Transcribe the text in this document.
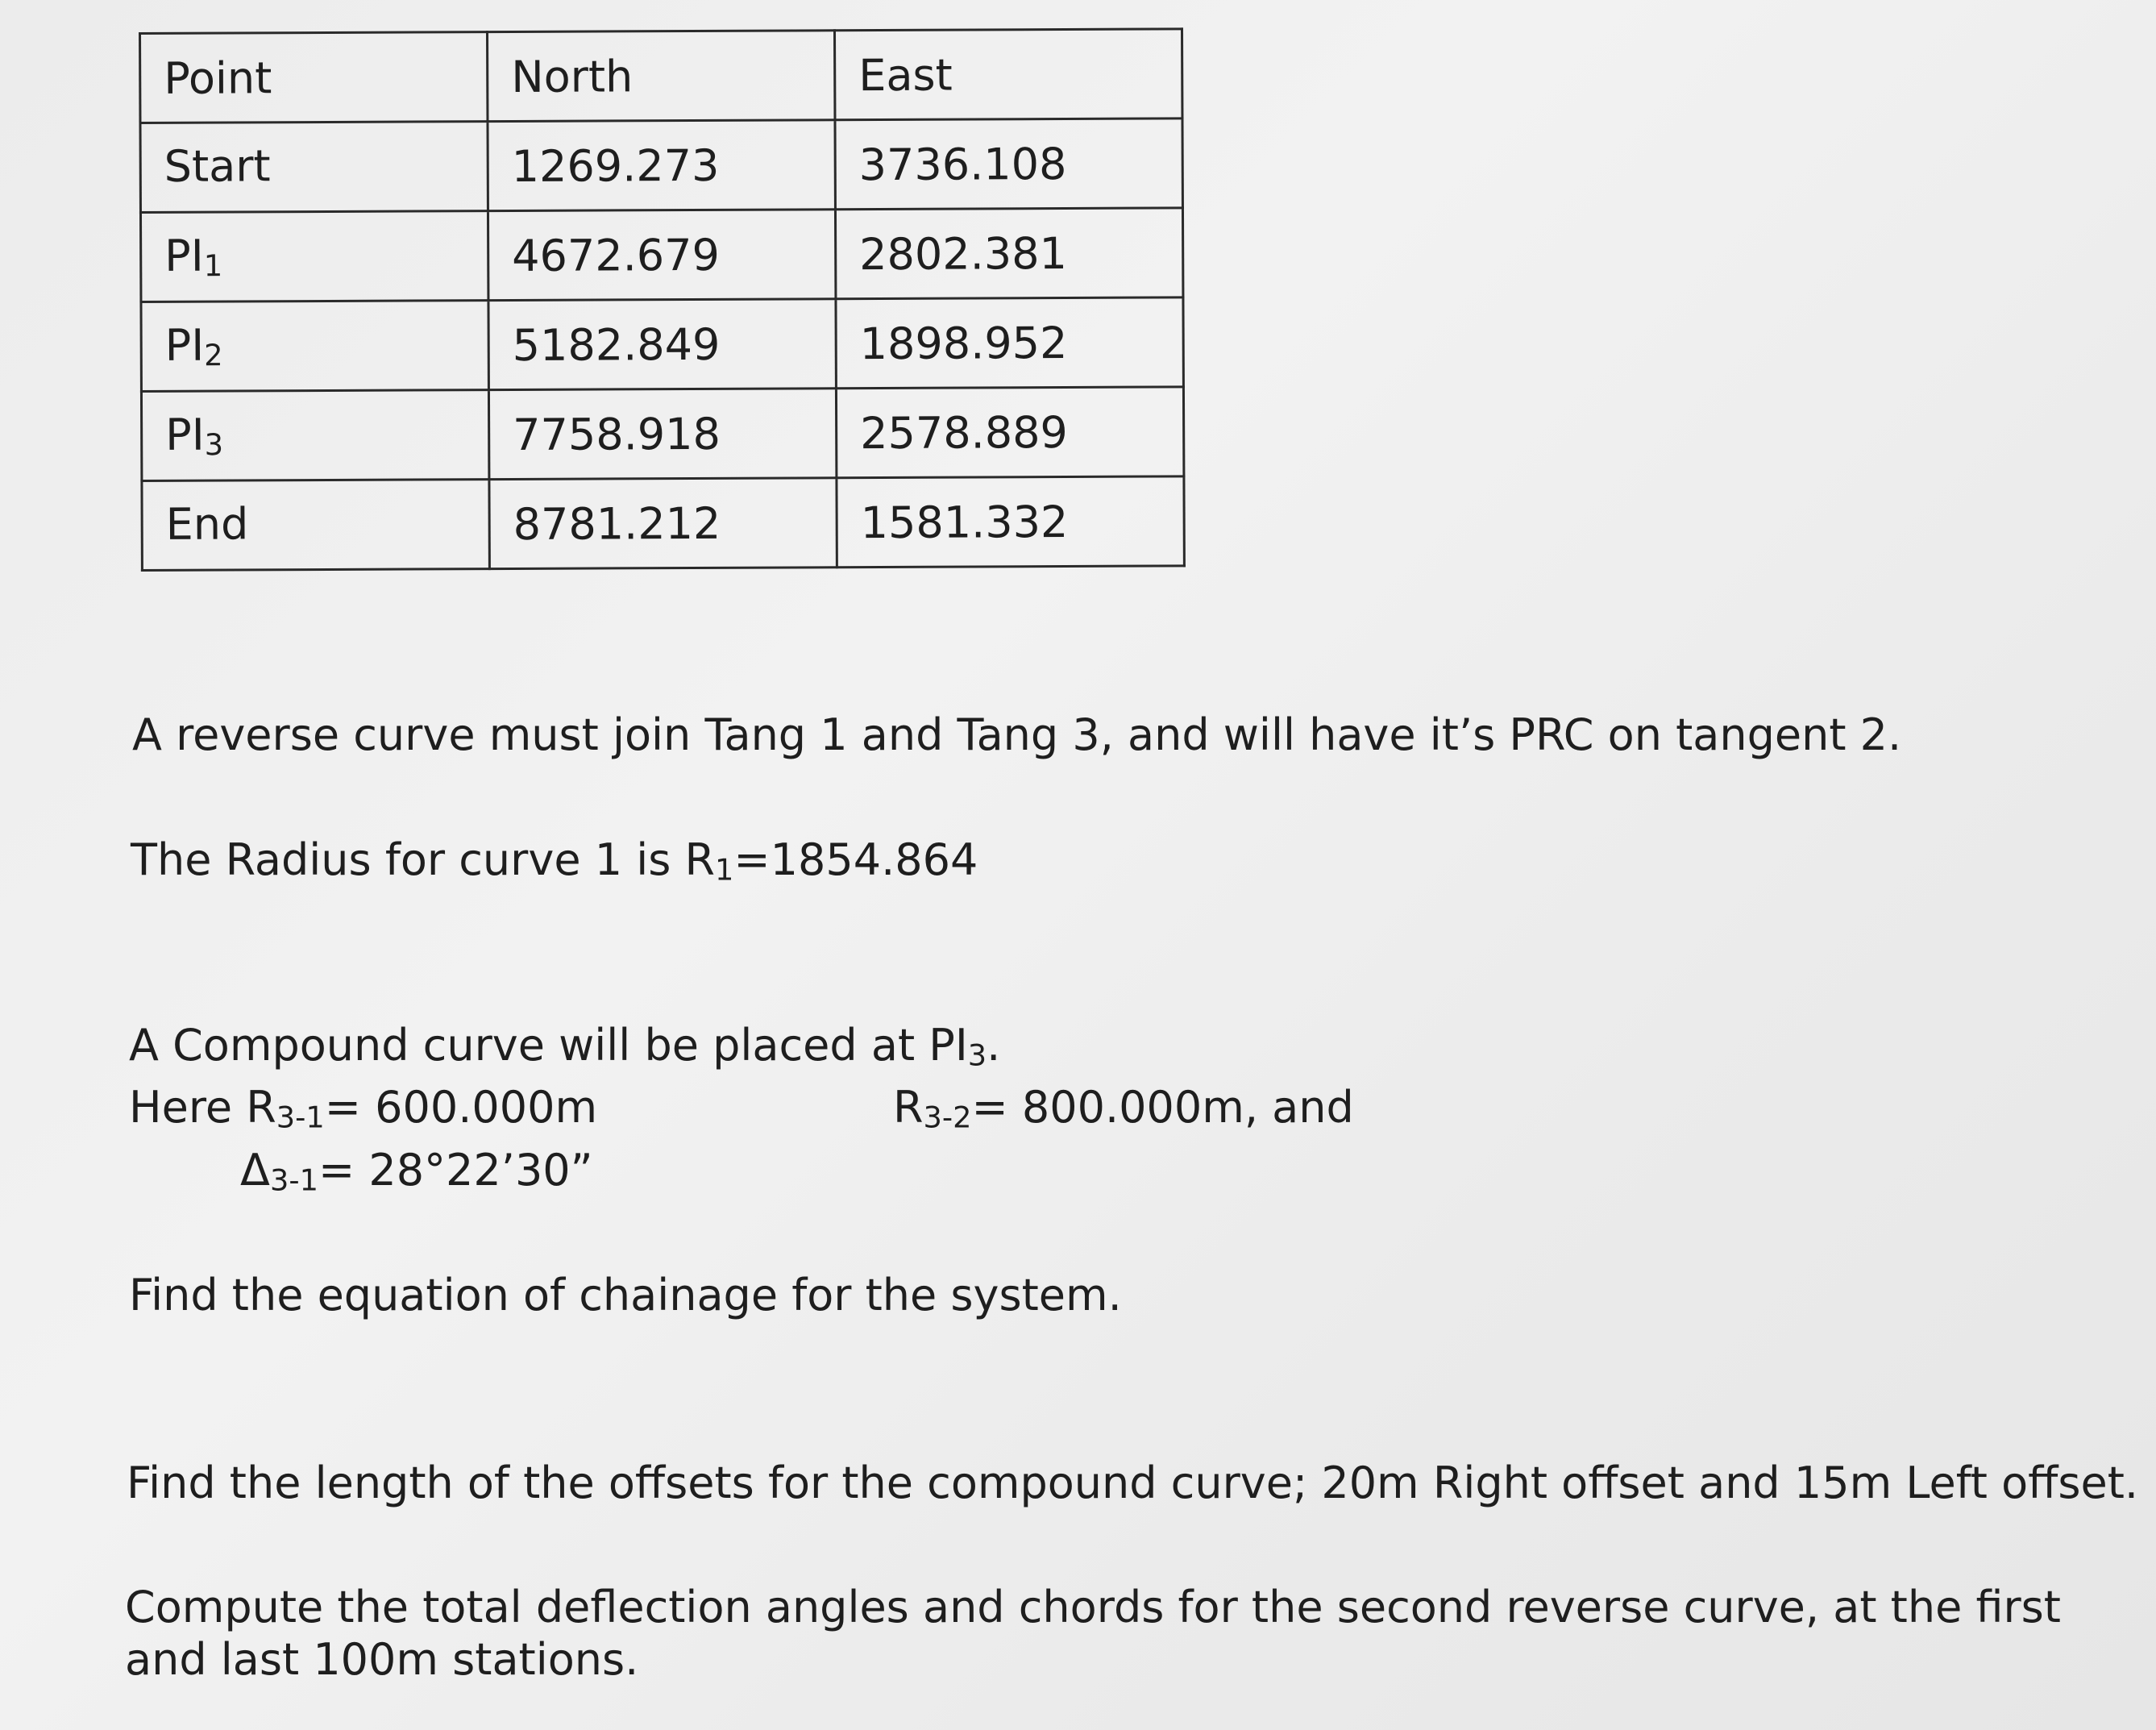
Point	North	East
Start	1269.273	3736.108
$PI_1$	4672.679	2802.381
$PI_2$	5182.849	1898.952
$PI_3$	7758.918	2578.889
End	8781.212	1581.332
A reverse curve must join Tang 1 and Tang 3, and will have it’s PRC on tangent 2.
The Radius for curve 1 is $R_1=1854.864$
A Compound curve will be placed at $PI_3$.
Here $R_{3-1}= 600.000m$	$R_{3-2}= 800.000m$, and
$\Delta_{3-1}=$ 28°22’30”
Find the equation of chainage for the system.
Find the length of the offsets for the compound curve; 20m Right offset and 15m Left offset.
Compute the total deflection angles and chords for the second reverse curve, at the first and last 100m stations.
